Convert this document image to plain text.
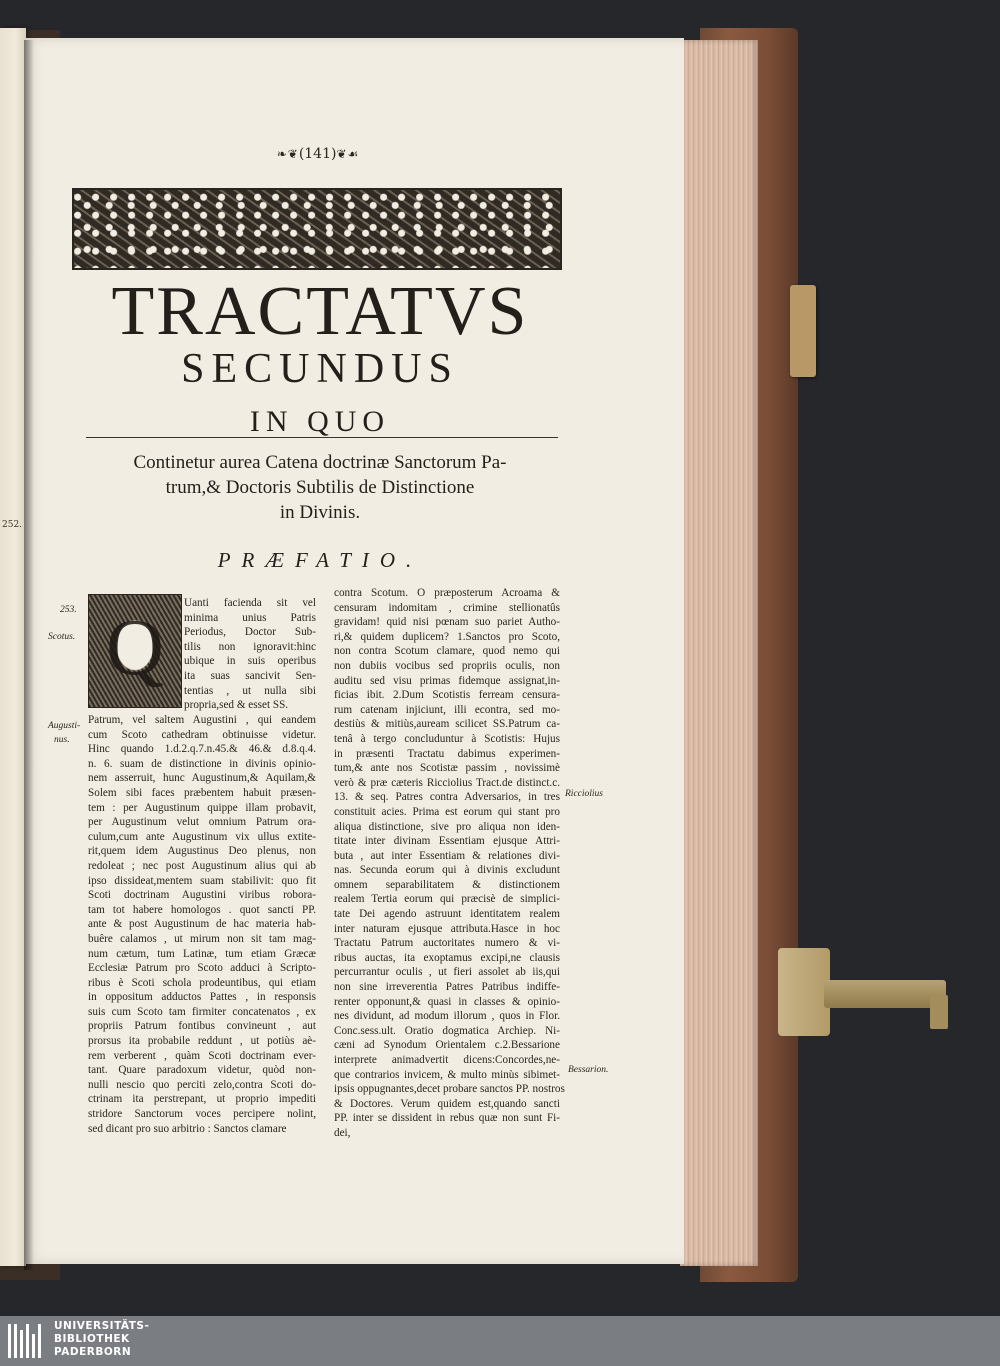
252.
❧❦(141)❦☙
TRACTATVS
SECUNDUS
IN QUO
Continetur aurea Catena doctrinæ Sanctorum Pa-
trum,& Doctoris Subtilis de Distinctione
in Divinis.
PRÆFATIO.
Q
Uanti facienda sit vel
minima unius Patris
Periodus, Doctor Sub-
tilis non ignoravit:hinc
ubique in suis operibus
ita suas sancivit Sen-
tentias , ut nulla sibi
propria,sed & esset SS.
Patrum, vel saltem Augustini , qui eandem
cum Scoto cathedram obtinuisse videtur.
Hinc quando 1.d.2.q.7.n.45.& 46.& d.8.q.4.
n. 6. suam de distinctione in divinis opinio-
nem asserruit, hunc Augustinum,& Aquilam,&
Solem sibi faces præbentem habuit præsen-
tem : per Augustinum quippe illam probavit,
per Augustinum velut omnium Patrum ora-
culum,cum ante Augustinum vix ullus extite-
rit,quem idem Augustinus Deo plenus, non
redoleat ; nec post Augustinum alius qui ab
ipso dissideat,mentem suam stabilivit: quo fit
Scoti doctrinam Augustini viribus robora-
tam tot habere homologos . quot sancti PP.
ante & post Augustinum de hac materia hab-
buêre calamos , ut mirum non sit tam mag-
num cætum, tum Latinæ, tum etiam Græcæ
Ecclesiæ Patrum pro Scoto adduci à Scripto-
ribus è Scoti schola prodeuntibus, qui etiam
in oppositum adductos Pattes , in responsis
suis cum Scoto tam firmiter concatenatos , ex
propriis Patrum fontibus convineunt , aut
prorsus ita probabile reddunt , ut potiùs aè-
rem verberent , quàm Scoti doctrinam ever-
tant. Quare paradoxum videtur, quòd non-
nulli nescio quo perciti zelo,contra Scoti do-
ctrinam ita perstrepant, ut proprio impediti
stridore Sanctorum voces percipere nolint,
sed dicant pro suo arbitrio : Sanctos clamare
contra Scotum. O præposterum Acroama &
censuram indomitam , crimine stellionatûs
gravidam! quid nisi pœnam suo pariet Autho-
ri,& quidem duplicem? 1.Sanctos pro Scoto,
non contra Scotum clamare, quod nemo qui
non dubiis vocibus sed propriis oculis, non
auditu sed visu primas fidemque assignat,in-
ficias ibit. 2.Dum Scotistis ferream censura-
rum catenam injiciunt, illi econtra, sed mo-
destiùs & mitiùs,auream scilicet SS.Patrum ca-
tenâ à tergo concluduntur à Scotistis: Hujus
in præsenti Tractatu dabimus experimen-
tum,& ante nos Scotistæ passim , novissimè
verò & præ cæteris Ricciolius Tract.de distinct.c.
13. & seq. Patres contra Adversarios, in tres
constituit acies. Prima est eorum qui stant pro
aliqua distinctione, sive pro aliqua non iden-
titate inter divinam Essentiam ejusque Attri-
buta , aut inter Essentiam & relationes divi-
nas. Secunda eorum qui à divinis excludunt
omnem separabilitatem & distinctionem
realem Tertia eorum qui præcisè de simplici-
tate Dei agendo astruunt identitatem realem
inter naturam ejusque attributa.Hasce in hoc
Tractatu Patrum auctoritates numero & vi-
ribus auctas, ita exoptamus excipi,ne clausis
percurrantur oculis , ut fieri assolet ab iis,qui
non sine irreverentia Patres Patribus indiffe-
renter opponunt,& quasi in classes & opinio-
nes dividunt, ad modum illorum , quos in Flor.
Conc.sess.ult. Oratio dogmatica Archiep. Ni-
cæni ad Synodum Orientalem c.2.Bessarione
interprete animadvertit dicens:Concordes,ne-
que contrarios invicem, & multo minùs sibimet-
ipsis oppugnantes,decet probare sanctos PP. nostros
& Doctores. Verum quidem est,quando sancti
PP. inter se dissident in rebus quæ non sunt Fi-
dei,
253.
Scotus.
Augusti-
nus.
Ricciolius
Bessarion.
UNIVERSITÄTS-
BIBLIOTHEK
PADERBORN
